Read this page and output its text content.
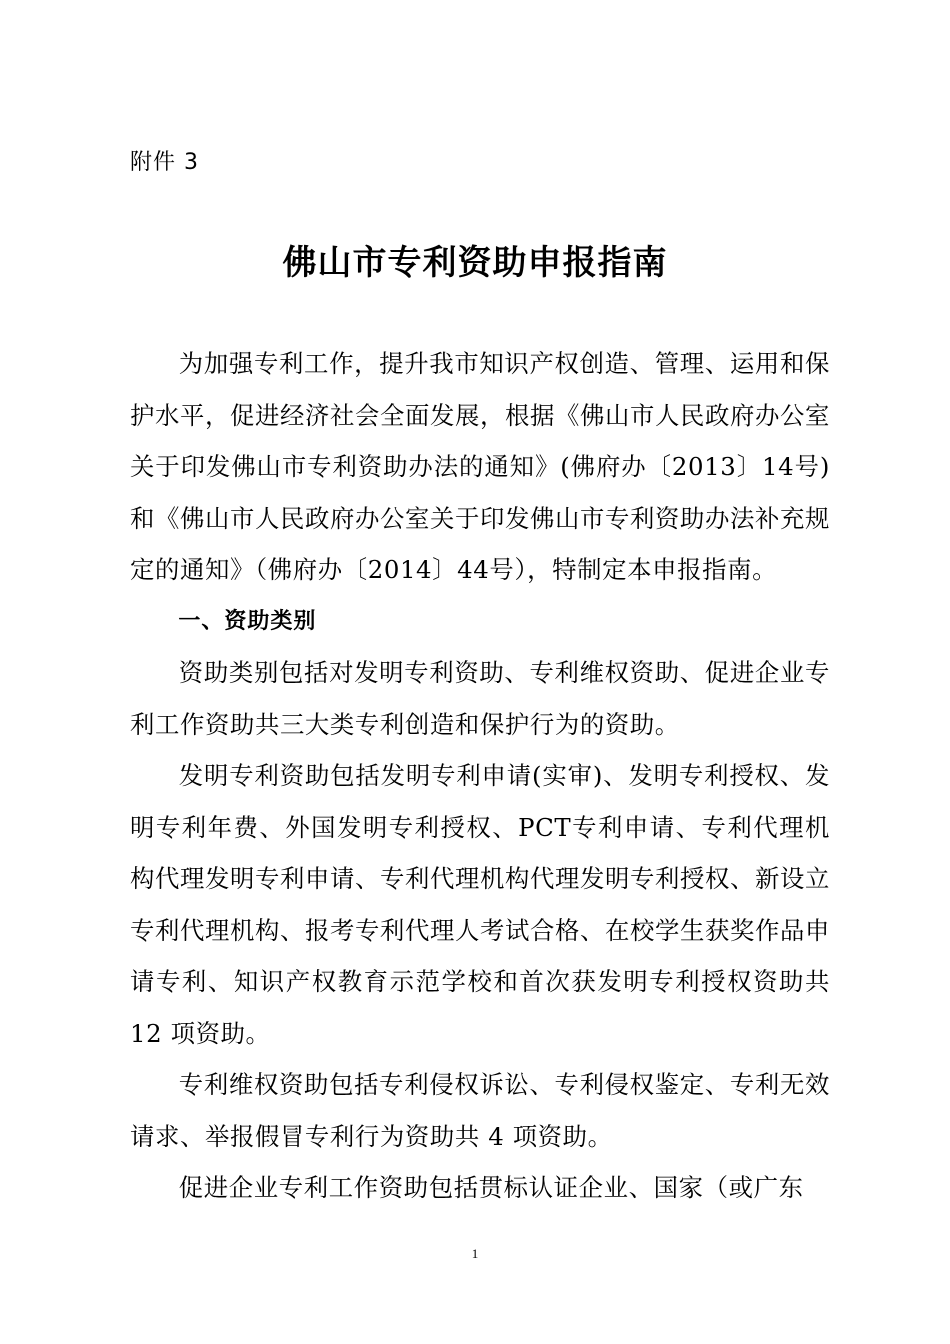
附件 3
佛山市专利资助申报指南

为加强专利工作，提升我市知识产权创造、管理、运用和保护水平，促进经济社会全面发展，根据《佛山市人民政府办公室关于印发佛山市专利资助办法的通知》(佛府办〔2013〕14号)和《佛山市人民政府办公室关于印发佛山市专利资助办法补充规定的通知》（佛府办〔2014〕44号），特制定本申报指南。

一、资助类别

资助类别包括对发明专利资助、专利维权资助、促进企业专利工作资助共三大类专利创造和保护行为的资助。

发明专利资助包括发明专利申请(实审)、发明专利授权、发明专利年费、外国发明专利授权、PCT专利申请、专利代理机构代理发明专利申请、专利代理机构代理发明专利授权、新设立专利代理机构、报考专利代理人考试合格、在校学生获奖作品申请专利、知识产权教育示范学校和首次获发明专利授权资助共 12 项资助。

专利维权资助包括专利侵权诉讼、专利侵权鉴定、专利无效请求、举报假冒专利行为资助共 4 项资助。

促进企业专利工作资助包括贯标认证企业、国家（或广东

1
